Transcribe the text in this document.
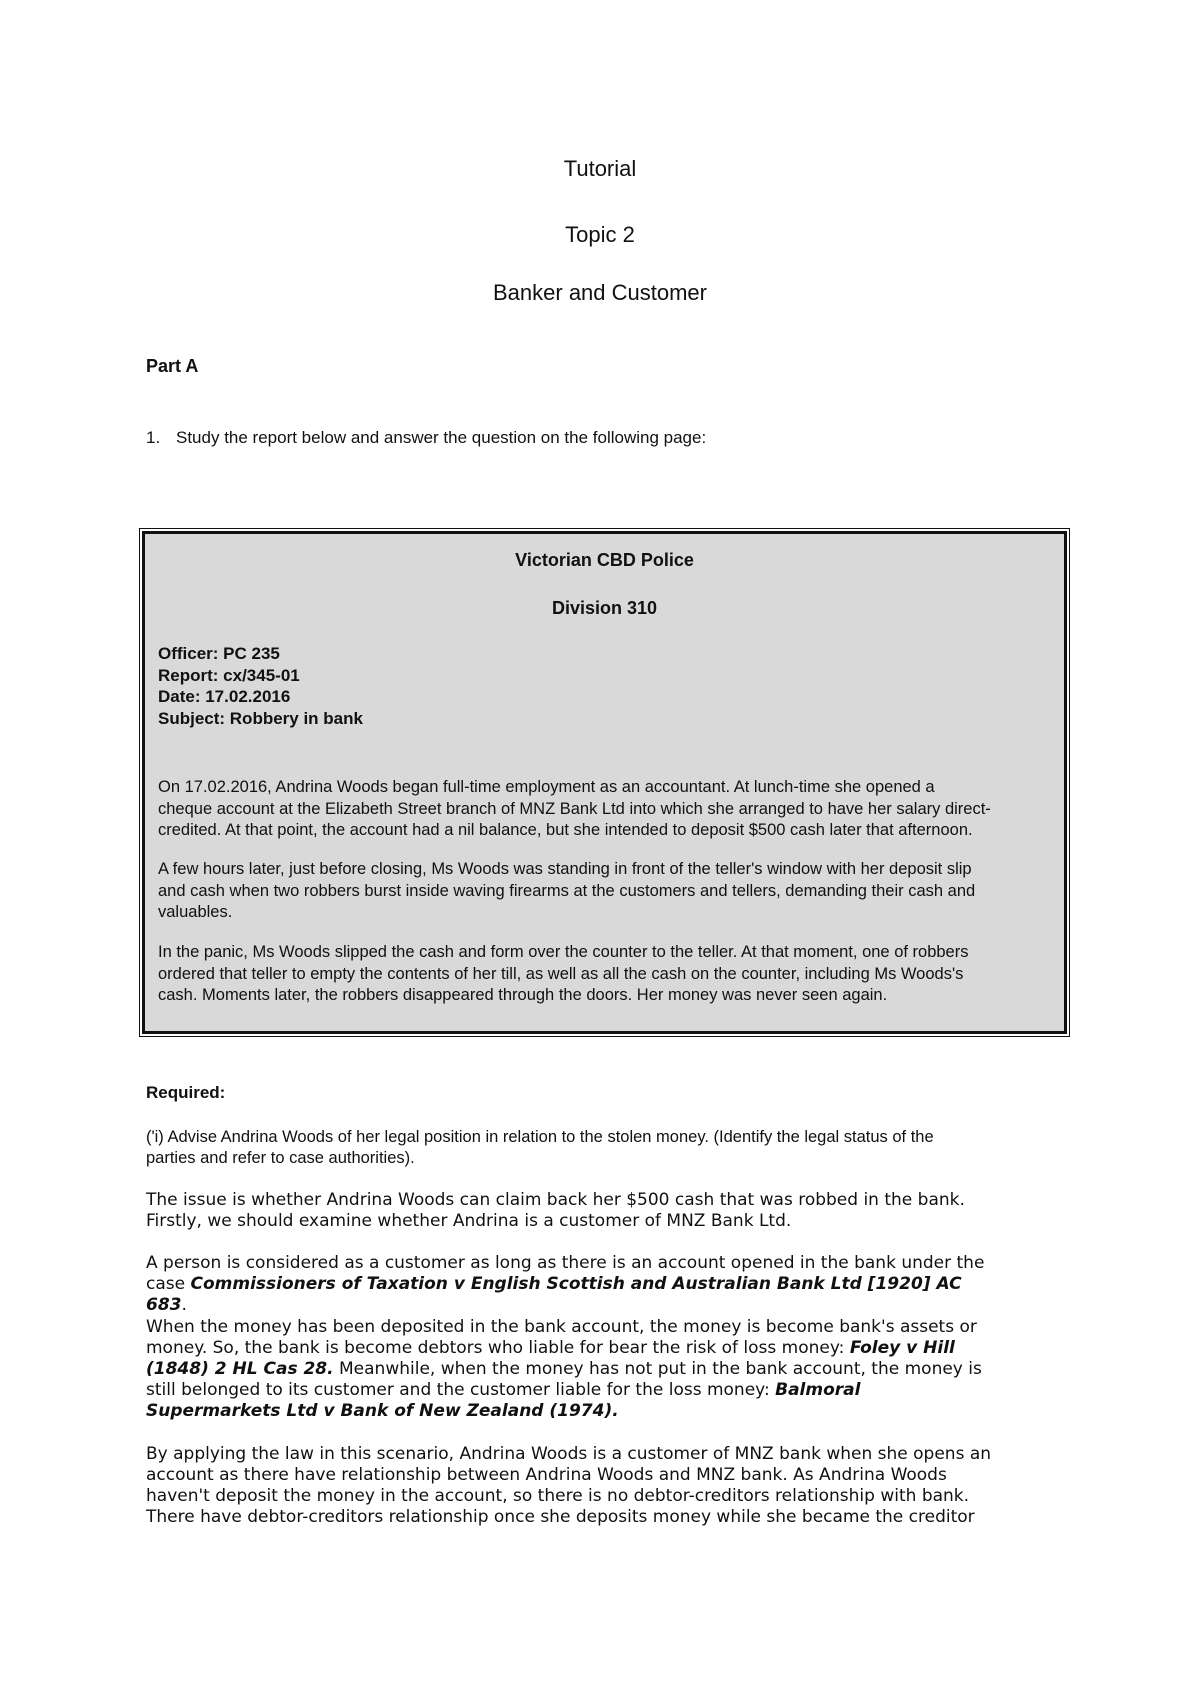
Tutorial
Topic 2
Banker and Customer
Part A
1. Study the report below and answer the question on the following page:
Victorian CBD Police
Division 310
Officer: PC 235
Report: cx/345-01
Date: 17.02.2016
Subject: Robbery in bank
On 17.02.2016, Andrina Woods began full-time employment as an accountant. At lunch-time she opened a
cheque account at the Elizabeth Street branch of MNZ Bank Ltd into which she arranged to have her salary direct-
credited. At that point, the account had a nil balance, but she intended to deposit $500 cash later that afternoon.
A few hours later, just before closing, Ms Woods was standing in front of the teller's window with her deposit slip
and cash when two robbers burst inside waving firearms at the customers and tellers, demanding their cash and
valuables.
In the panic, Ms Woods slipped the cash and form over the counter to the teller. At that moment, one of robbers
ordered that teller to empty the contents of her till, as well as all the cash on the counter, including Ms Woods's
cash. Moments later, the robbers disappeared through the doors. Her money was never seen again.
Required:
('i) Advise Andrina Woods of her legal position in relation to the stolen money. (Identify the legal status of the
parties and refer to case authorities).
The issue is whether Andrina Woods can claim back her $500 cash that was robbed in the bank.
Firstly, we should examine whether Andrina is a customer of MNZ Bank Ltd.
A person is considered as a customer as long as there is an account opened in the bank under the
case Commissioners of Taxation v English Scottish and Australian Bank Ltd [1920] AC
683.
When the money has been deposited in the bank account, the money is become bank's assets or
money. So, the bank is become debtors who liable for bear the risk of loss money: Foley v Hill
(1848) 2 HL Cas 28. Meanwhile, when the money has not put in the bank account, the money is
still belonged to its customer and the customer liable for the loss money: Balmoral
Supermarkets Ltd v Bank of New Zealand (1974).
By applying the law in this scenario, Andrina Woods is a customer of MNZ bank when she opens an
account as there have relationship between Andrina Woods and MNZ bank. As Andrina Woods
haven't deposit the money in the account, so there is no debtor-creditors relationship with bank.
There have debtor-creditors relationship once she deposits money while she became the creditor
